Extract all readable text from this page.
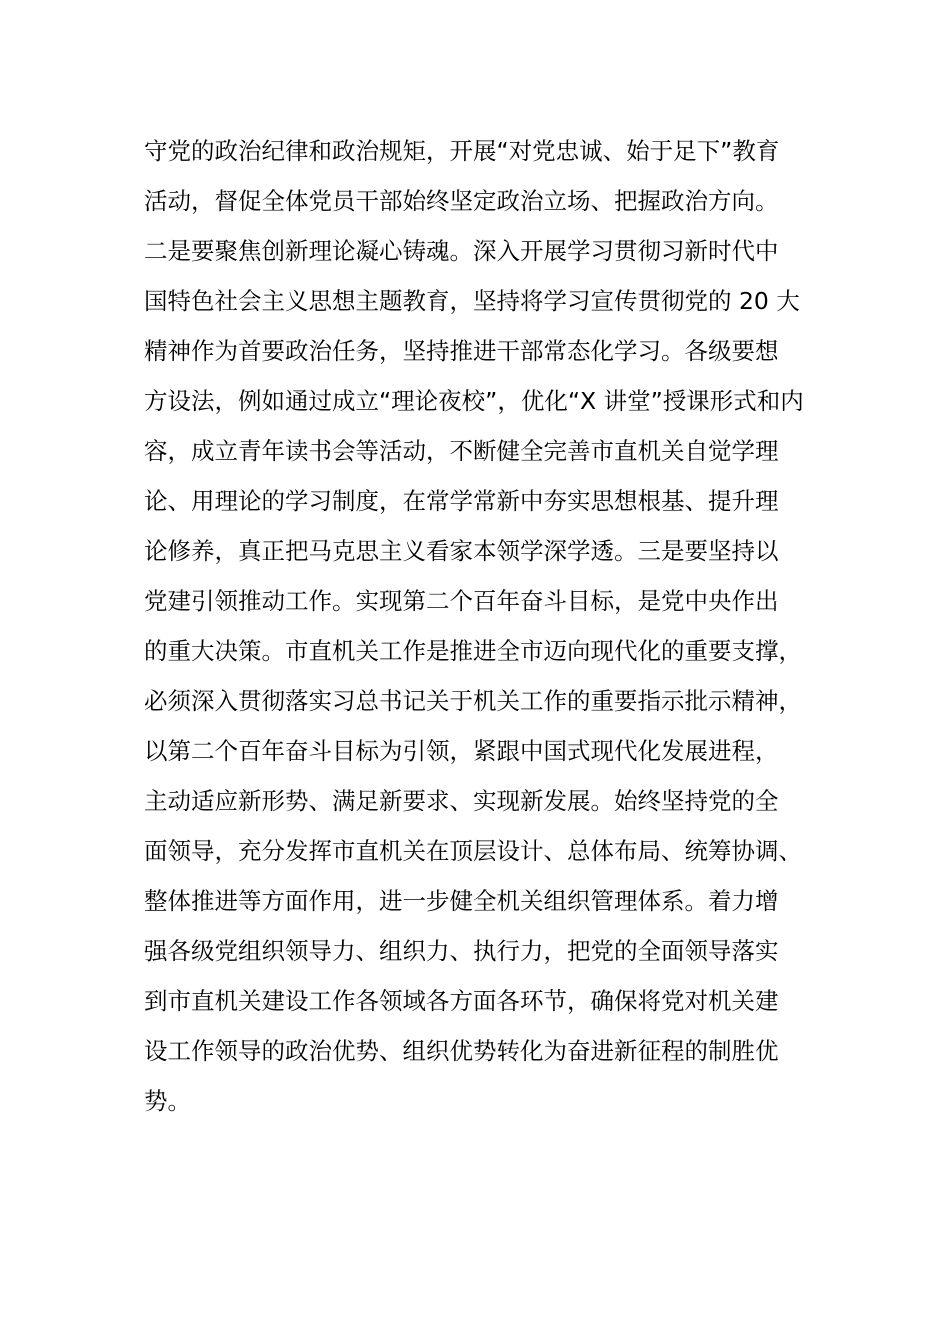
守党的政治纪律和政治规矩，开展“对党忠诚、始于足下”教育
活动，督促全体党员干部始终坚定政治立场、把握政治方向。
二是要聚焦创新理论凝心铸魂。深入开展学习贯彻习新时代中
国特色社会主义思想主题教育，坚持将学习宣传贯彻党的 20 大
精神作为首要政治任务，坚持推进干部常态化学习。各级要想
方设法，例如通过成立“理论夜校”，优化“X 讲堂”授课形式和内
容，成立青年读书会等活动，不断健全完善市直机关自觉学理
论、用理论的学习制度，在常学常新中夯实思想根基、提升理
论修养，真正把马克思主义看家本领学深学透。三是要坚持以
党建引领推动工作。实现第二个百年奋斗目标，是党中央作出
的重大决策。市直机关工作是推进全市迈向现代化的重要支撑，
必须深入贯彻落实习总书记关于机关工作的重要指示批示精神，
以第二个百年奋斗目标为引领，紧跟中国式现代化发展进程，
主动适应新形势、满足新要求、实现新发展。始终坚持党的全
面领导，充分发挥市直机关在顶层设计、总体布局、统筹协调、
整体推进等方面作用，进一步健全机关组织管理体系。着力增
强各级党组织领导力、组织力、执行力，把党的全面领导落实
到市直机关建设工作各领域各方面各环节，确保将党对机关建
设工作领导的政治优势、组织优势转化为奋进新征程的制胜优
势。
